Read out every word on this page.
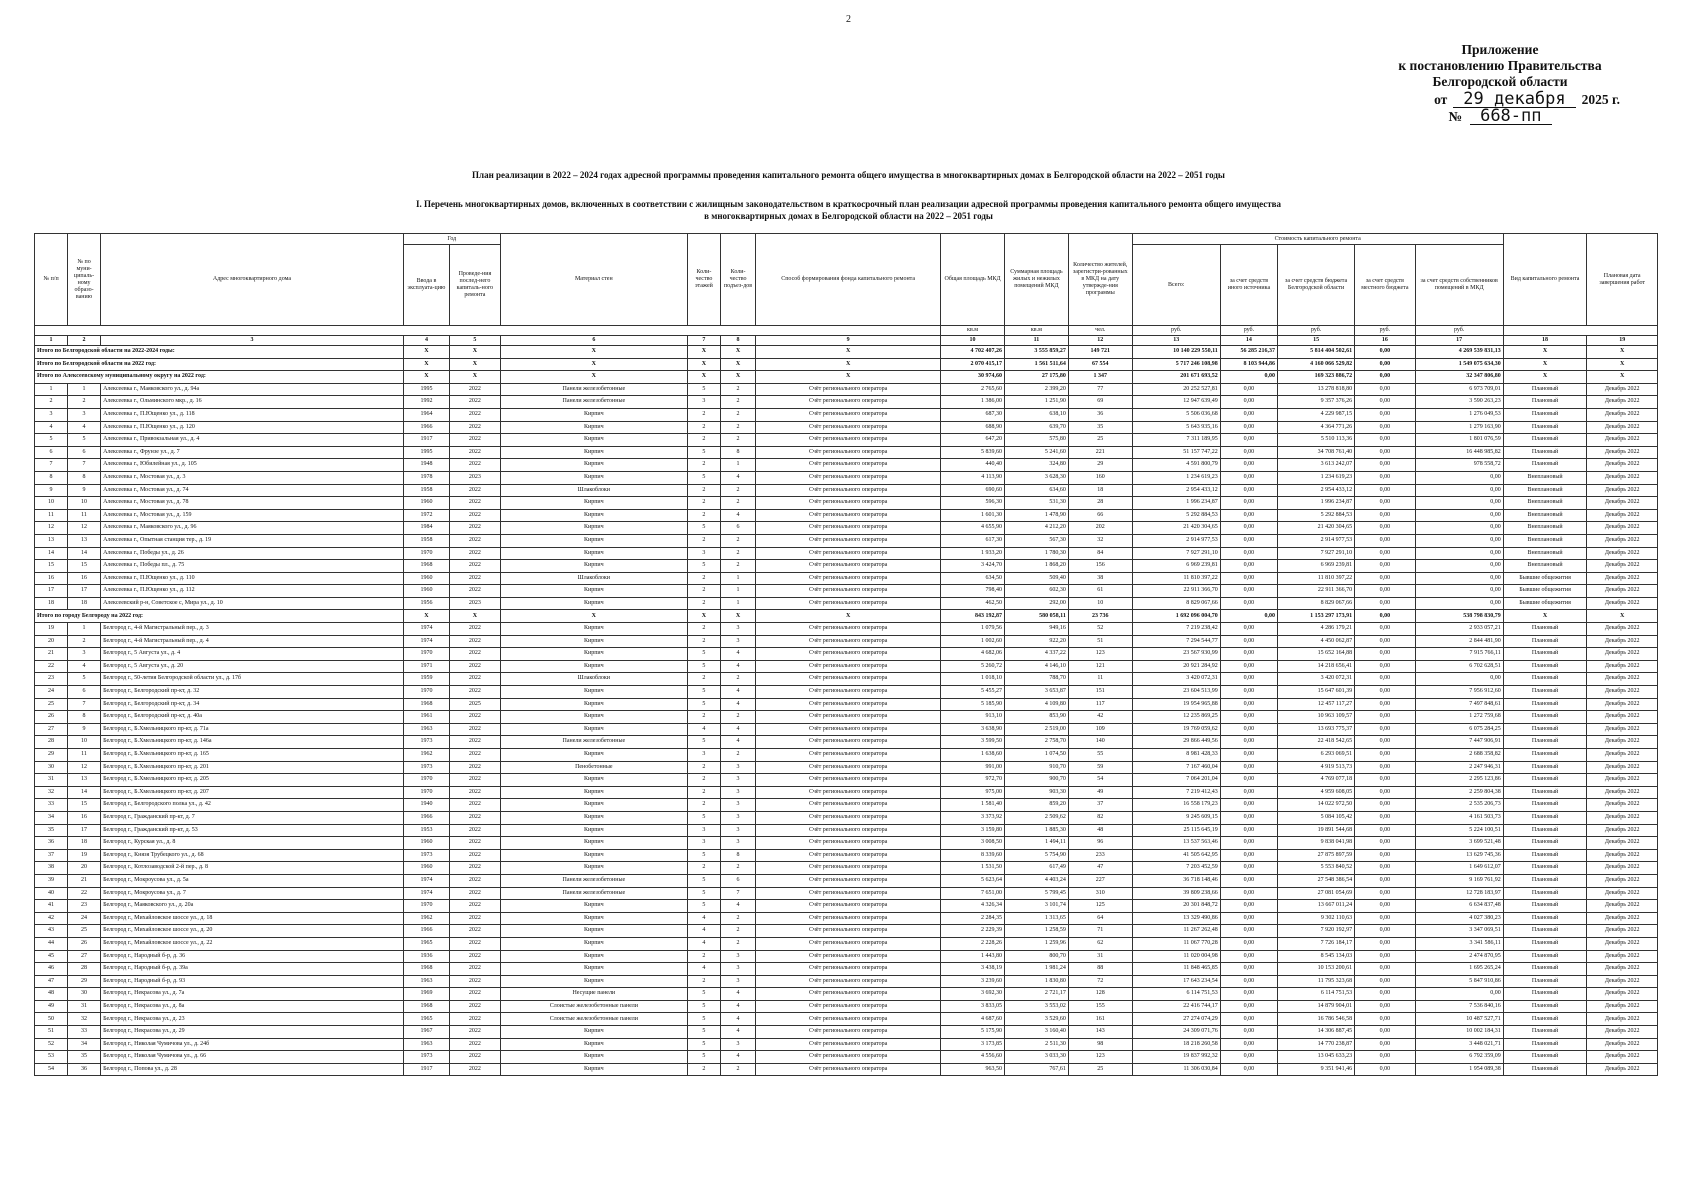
2
Приложение
к постановлению Правительства
Белгородской области
от 29 декабря	2025 г.
№	668-пп
План реализации в 2022 – 2024 годах адресной программы проведения капитального ремонта общего имущества в многоквартирных домах в Белгородской области на 2022 – 2051 годы
I. Перечень многоквартирных домов, включенных в соответствии с жилищным законодательством в краткосрочный план реализации адресной программы проведения капитального ремонта общего имущества
в многоквартирных домах в Белгородской области на 2022 – 2051 годы
№ п/п	№ по муни-ципаль-ному образо-ванию	Адрес многоквартирного дома	Год		Материал стен	Коли-чество этажей	Коли-чество подъез-дов	Способ формирования фонда капитального ремонта	Общая площадь МКД	Суммарная площадь жилых и нежилых помещений МКД	Количество жителей, зарегистри-рованных в МКД на дату утвержде-ния программы	Стоимость капитального ремонта					Вид капитального ремонта	Плановая дата завершения работ
			Ввода в эксплуата-цию	Проведе-ния послед-него капиталь-ного ремонта								Всего:	за счет средств иного источника	за счет средств бюджета Белгородской области	за счет средств местного бюджета	за счет средств собственников помещений в МКД		
									кв.м	кв.м	чел.	руб.	руб.	руб.	руб.	руб.		
1	2	3	4	5	6	7	8	9	10	11	12	13	14	15	16	17	18	19
Итого по Белгородской области на 2022-2024 годы:			X	X	X	X	X	X	4 702 407,26	3 555 859,27	149 721	10 140 229 550,11	56 285 216,37	5 814 404 502,61	0,00	4 269 539 831,13	X	X
Итого по Белгородской области на 2022 год:			X	X	X	X	X	X	2 070 415,17	1 561 511,64	67 554	5 717 246 108,98	8 103 944,86	4 160 066 529,82	0,00	1 549 075 634,30	X	X
Итого по Алексеевскому муниципальному округу на 2022 год:			X	X	X	X	X	X	30 974,60	27 175,80	1 347	201 671 693,52	0,00	169 323 886,72	0,00	32 347 806,80	X	X
1	1	Алексеевка г., Маяковского ул., д. 94а	1995	2022	Панели железобетонные	5	2	Счёт регионального оператора	2 765,60	2 399,20	77	20 252 527,81	0,00	13 278 818,80	0,00	6 973 709,01	Плановый	Декабрь 2022
2	2	Алексеевка г., Ольминского мкр., д. 16	1992	2022	Панели железобетонные	3	2	Счёт регионального оператора	1 386,00	1 251,90	69	12 947 639,49	0,00	9 357 376,26	0,00	3 590 263,23	Плановый	Декабрь 2022
3	3	Алексеевка г., П.Ющенко ул., д. 118	1964	2022	Кирпич	2	2	Счёт регионального оператора	687,30	638,10	36	5 506 036,68	0,00	4 229 987,15	0,00	1 276 049,53	Плановый	Декабрь 2022
4	4	Алексеевка г., П.Ющенко ул., д. 120	1966	2022	Кирпич	2	2	Счёт регионального оператора	688,90	639,70	35	5 643 935,16	0,00	4 364 771,26	0,00	1 279 163,90	Плановый	Декабрь 2022
5	5	Алексеевка г., Привокзальная ул., д. 4	1917	2022	Кирпич	2	2	Счёт регионального оператора	647,20	575,80	25	7 311 189,95	0,00	5 510 113,36	0,00	1 801 076,59	Плановый	Декабрь 2022
6	6	Алексеевка г., Фрунзе ул., д. 7	1995	2022	Кирпич	5	8	Счёт регионального оператора	5 839,60	5 241,60	221	51 157 747,22	0,00	34 708 761,40	0,00	16 448 985,82	Плановый	Декабрь 2022
7	7	Алексеевка г., Юбилейная ул., д. 105	1948	2022	Кирпич	2	1	Счёт регионального оператора	440,40	324,80	29	4 591 800,79	0,00	3 613 242,07	0,00	978 558,72	Плановый	Декабрь 2022
8	8	Алексеевка г., Мостовая ул., д. 3	1978	2023	Кирпич	5	4	Счёт регионального оператора	4 113,90	3 628,30	160	1 234 619,23	0,00	1 234 619,23	0,00	0,00	Внеплановый	Декабрь 2022
9	9	Алексеевка г., Мостовая ул., д. 74	1958	2022	Шлакоблоки	2	2	Счёт регионального оператора	690,60	634,60	18	2 954 433,12	0,00	2 954 433,12	0,00	0,00	Внеплановый	Декабрь 2022
10	10	Алексеевка г., Мостовая ул., д. 78	1960	2022	Кирпич	2	2	Счёт регионального оператора	596,30	531,30	28	1 996 234,87	0,00	1 996 234,87	0,00	0,00	Внеплановый	Декабрь 2022
11	11	Алексеевка г., Мостовая ул., д. 159	1972	2022	Кирпич	2	4	Счёт регионального оператора	1 601,30	1 478,90	66	5 292 884,53	0,00	5 292 884,53	0,00	0,00	Внеплановый	Декабрь 2022
12	12	Алексеевка г., Маяковского ул., д. 96	1984	2022	Кирпич	5	6	Счёт регионального оператора	4 655,90	4 212,20	202	21 420 304,65	0,00	21 420 304,65	0,00	0,00	Внеплановый	Декабрь 2022
13	13	Алексеевка г., Опытная станция тер., д. 19	1958	2022	Кирпич	2	2	Счёт регионального оператора	617,30	567,30	32	2 914 977,53	0,00	2 914 977,53	0,00	0,00	Внеплановый	Декабрь 2022
14	14	Алексеевка г., Победы ул., д. 26	1970	2022	Кирпич	3	2	Счёт регионального оператора	1 933,20	1 780,30	84	7 927 291,10	0,00	7 927 291,10	0,00	0,00	Внеплановый	Декабрь 2022
15	15	Алексеевка г., Победы пл., д. 75	1968	2022	Кирпич	5	2	Счёт регионального оператора	3 424,70	1 868,20	156	6 969 239,81	0,00	6 969 239,81	0,00	0,00	Внеплановый	Декабрь 2022
16	16	Алексеевка г., П.Ющенко ул., д. 110	1960	2022	Шлакоблоки	2	1	Счёт регионального оператора	634,50	509,40	38	11 810 397,22	0,00	11 810 397,22	0,00	0,00	Бывшие общежития	Декабрь 2022
17	17	Алексеевка г., П.Ющенко ул., д. 112	1960	2022	Кирпич	2	1	Счёт регионального оператора	798,40	602,30	61	22 911 366,70	0,00	22 911 366,70	0,00	0,00	Бывшие общежития	Декабрь 2022
18	18	Алексеевский р-н, Советское с, Мира ул., д. 10	1956	2023	Кирпич	2	1	Счёт регионального оператора	462,50	292,00	10	8 829 067,66	0,00	8 829 067,66	0,00	0,00	Бывшие общежития	Декабрь 2022
Итого по городу Белгороду на 2022 год:			X	X	X	X	X	X	843 192,87	580 058,11	23 736	1 692 096 004,70	0,00	1 153 297 173,91	0,00	538 798 830,79	X	X
19	1	Белгород г., 4-й Магистральный пер., д. 3	1974	2022	Кирпич	2	3	Счёт регионального оператора	1 079,56	949,16	52	7 219 238,42	0,00	4 286 179,21	0,00	2 933 057,21	Плановый	Декабрь 2022
20	2	Белгород г., 4-й Магистральный пер., д. 4	1974	2022	Кирпич	2	3	Счёт регионального оператора	1 002,60	922,20	51	7 294 544,77	0,00	4 450 062,87	0,00	2 844 481,90	Плановый	Декабрь 2022
21	3	Белгород г., 5 Августа ул., д. 4	1970	2022	Кирпич	5	4	Счёт регионального оператора	4 682,06	4 337,22	123	23 567 930,99	0,00	15 652 164,88	0,00	7 915 766,11	Плановый	Декабрь 2022
22	4	Белгород г., 5 Августа ул., д. 20	1971	2022	Кирпич	5	4	Счёт регионального оператора	5 260,72	4 146,10	121	20 921 284,92	0,00	14 218 656,41	0,00	6 702 628,51	Плановый	Декабрь 2022
23	5	Белгород г., 50-летия Белгородской области ул., д. 17б	1959	2022	Шлакоблоки	2	2	Счёт регионального оператора	1 018,10	788,70	11	3 420 072,31	0,00	3 420 072,31	0,00	0,00	Плановый	Декабрь 2022
24	6	Белгород г., Белгородский пр-кт, д. 32	1970	2022	Кирпич	5	4	Счёт регионального оператора	5 455,27	3 653,87	151	23 604 513,99	0,00	15 647 601,39	0,00	7 956 912,60	Плановый	Декабрь 2022
25	7	Белгород г., Белгородский пр-кт, д. 34	1968	2025	Кирпич	5	4	Счёт регионального оператора	5 185,90	4 109,80	117	19 954 965,88	0,00	12 457 117,27	0,00	7 497 848,61	Плановый	Декабрь 2022
26	8	Белгород г., Белгородский пр-кт, д. 40а	1961	2022	Кирпич	2	2	Счёт регионального оператора	913,10	853,90	42	12 235 869,25	0,00	10 963 109,57	0,00	1 272 759,68	Плановый	Декабрь 2022
27	9	Белгород г., Б.Хмельницкого пр-кт, д. 71а	1963	2022	Кирпич	4	4	Счёт регионального оператора	3 638,90	2 519,00	109	19 769 059,62	0,00	13 693 775,37	0,00	6 075 284,25	Плановый	Декабрь 2022
28	10	Белгород г., Б.Хмельницкого пр-кт, д. 146а	1973	2022	Панели железобетонные	5	4	Счёт регионального оператора	3 599,50	2 758,70	140	29 866 449,56	0,00	22 418 542,65	0,00	7 447 906,91	Плановый	Декабрь 2022
29	11	Белгород г., Б.Хмельницкого пр-кт, д. 165	1962	2022	Кирпич	3	2	Счёт регионального оператора	1 638,60	1 074,50	55	8 981 428,33	0,00	6 293 069,51	0,00	2 688 358,82	Плановый	Декабрь 2022
30	12	Белгород г., Б.Хмельницкого пр-кт, д. 201	1973	2022	Пенобетонные	2	3	Счёт регионального оператора	991,00	910,70	59	7 167 460,04	0,00	4 919 513,73	0,00	2 247 946,31	Плановый	Декабрь 2022
31	13	Белгород г., Б.Хмельницкого пр-кт, д. 205	1970	2022	Кирпич	2	3	Счёт регионального оператора	972,70	900,70	54	7 064 201,04	0,00	4 769 077,18	0,00	2 295 123,86	Плановый	Декабрь 2022
32	14	Белгород г., Б.Хмельницкого пр-кт, д. 207	1970	2022	Кирпич	2	3	Счёт регионального оператора	975,00	903,30	49	7 219 412,43	0,00	4 959 608,05	0,00	2 259 804,38	Плановый	Декабрь 2022
33	15	Белгород г., Белгородского полка ул., д. 42	1940	2022	Кирпич	2	3	Счёт регионального оператора	1 581,40	859,20	37	16 558 179,23	0,00	14 022 972,50	0,00	2 535 206,73	Плановый	Декабрь 2022
34	16	Белгород г., Гражданский пр-кт, д. 7	1966	2022	Кирпич	5	3	Счёт регионального оператора	3 373,92	2 509,62	82	9 245 609,15	0,00	5 084 105,42	0,00	4 161 503,73	Плановый	Декабрь 2022
35	17	Белгород г., Гражданский пр-кт, д. 53	1953	2022	Кирпич	3	3	Счёт регионального оператора	3 159,80	1 885,30	48	25 115 645,19	0,00	19 891 544,68	0,00	5 224 100,51	Плановый	Декабрь 2022
36	18	Белгород г., Курская ул., д. 8	1960	2022	Кирпич	3	3	Счёт регионального оператора	3 008,50	1 494,11	96	13 537 563,46	0,00	9 838 041,98	0,00	3 699 521,48	Плановый	Декабрь 2022
37	19	Белгород г., Князя Трубецкого ул., д. 68	1973	2022	Кирпич	5	8	Счёт регионального оператора	8 339,60	5 754,90	233	41 505 642,95	0,00	27 875 897,59	0,00	13 629 745,36	Плановый	Декабрь 2022
38	20	Белгород г., Котлозаводской 2-й пер., д. 8	1960	2022	Кирпич	2	2	Счёт регионального оператора	1 531,50	617,49	47	7 203 452,59	0,00	5 553 840,52	0,00	1 649 612,07	Плановый	Декабрь 2022
39	21	Белгород г., Мокроусова ул., д. 5а	1974	2022	Панели железобетонные	5	6	Счёт регионального оператора	5 623,64	4 403,24	227	36 718 148,46	0,00	27 548 386,54	0,00	9 169 761,92	Плановый	Декабрь 2022
40	22	Белгород г., Мокроусова ул., д. 7	1974	2022	Панели железобетонные	5	7	Счёт регионального оператора	7 651,00	5 799,45	310	39 809 238,66	0,00	27 081 054,69	0,00	12 728 183,97	Плановый	Декабрь 2022
41	23	Белгород г., Маяковского ул., д. 20а	1970	2022	Кирпич	5	4	Счёт регионального оператора	4 326,34	3 101,74	125	20 301 848,72	0,00	13 667 011,24	0,00	6 634 837,48	Плановый	Декабрь 2022
42	24	Белгород г., Михайловское шоссе ул., д. 18	1962	2022	Кирпич	4	2	Счёт регионального оператора	2 284,35	1 313,65	64	13 329 490,86	0,00	9 302 110,63	0,00	4 027 380,23	Плановый	Декабрь 2022
43	25	Белгород г., Михайловское шоссе ул., д. 20	1966	2022	Кирпич	4	2	Счёт регионального оператора	2 229,39	1 258,59	71	11 267 262,48	0,00	7 920 192,97	0,00	3 347 069,51	Плановый	Декабрь 2022
44	26	Белгород г., Михайловское шоссе ул., д. 22	1965	2022	Кирпич	4	2	Счёт регионального оператора	2 228,26	1 259,96	62	11 067 770,28	0,00	7 726 184,17	0,00	3 341 586,11	Плановый	Декабрь 2022
45	27	Белгород г., Народный б-р, д. 36	1936	2022	Кирпич	2	3	Счёт регионального оператора	1 443,80	800,70	31	11 020 004,98	0,00	8 545 134,03	0,00	2 474 870,95	Плановый	Декабрь 2022
46	28	Белгород г., Народный б-р, д. 39а	1968	2022	Кирпич	4	3	Счёт регионального оператора	3 438,19	1 981,24	88	11 848 465,85	0,00	10 153 200,61	0,00	1 695 265,24	Плановый	Декабрь 2022
47	29	Белгород г., Народный б-р, д. 93	1963	2022	Кирпич	2	3	Счёт регионального оператора	3 239,60	1 830,80	72	17 643 234,54	0,00	11 795 323,68	0,00	5 847 910,86	Плановый	Декабрь 2022
48	30	Белгород г., Некрасова ул., д. 7а	1969	2022	Несущие панели	5	4	Счёт регионального оператора	3 692,30	2 721,17	128	6 114 751,53	0,00	6 114 751,53	0,00	0,00	Плановый	Декабрь 2022
49	31	Белгород г., Некрасова ул., д. 8а	1968	2022	Слоистые железобетонные панели	5	4	Счёт регионального оператора	3 833,05	3 553,02	155	22 416 744,17	0,00	14 879 904,01	0,00	7 536 840,16	Плановый	Декабрь 2022
50	32	Белгород г., Некрасова ул., д. 23	1965	2022	Слоистые железобетонные панели	5	4	Счёт регионального оператора	4 687,60	3 529,60	161	27 274 074,29	0,00	16 786 546,58	0,00	10 487 527,71	Плановый	Декабрь 2022
51	33	Белгород г., Некрасова ул., д. 29	1967	2022	Кирпич	5	4	Счёт регионального оператора	5 175,90	3 160,40	143	24 309 071,76	0,00	14 306 887,45	0,00	10 002 184,31	Плановый	Декабрь 2022
52	34	Белгород г., Николая Чумичова ул., д. 24б	1963	2022	Кирпич	5	3	Счёт регионального оператора	3 173,85	2 511,30	98	18 218 260,58	0,00	14 770 238,87	0,00	3 448 021,71	Плановый	Декабрь 2022
53	35	Белгород г., Николая Чумичова ул., д. 66	1973	2022	Кирпич	5	4	Счёт регионального оператора	4 556,60	3 033,30	123	19 837 992,32	0,00	13 045 633,23	0,00	6 792 359,09	Плановый	Декабрь 2022
54	36	Белгород г., Попова ул., д. 28	1917	2022	Кирпич	2	2	Счёт регионального оператора	963,50	767,61	25	11 306 030,84	0,00	9 351 941,46	0,00	1 954 089,38	Плановый	Декабрь 2022
